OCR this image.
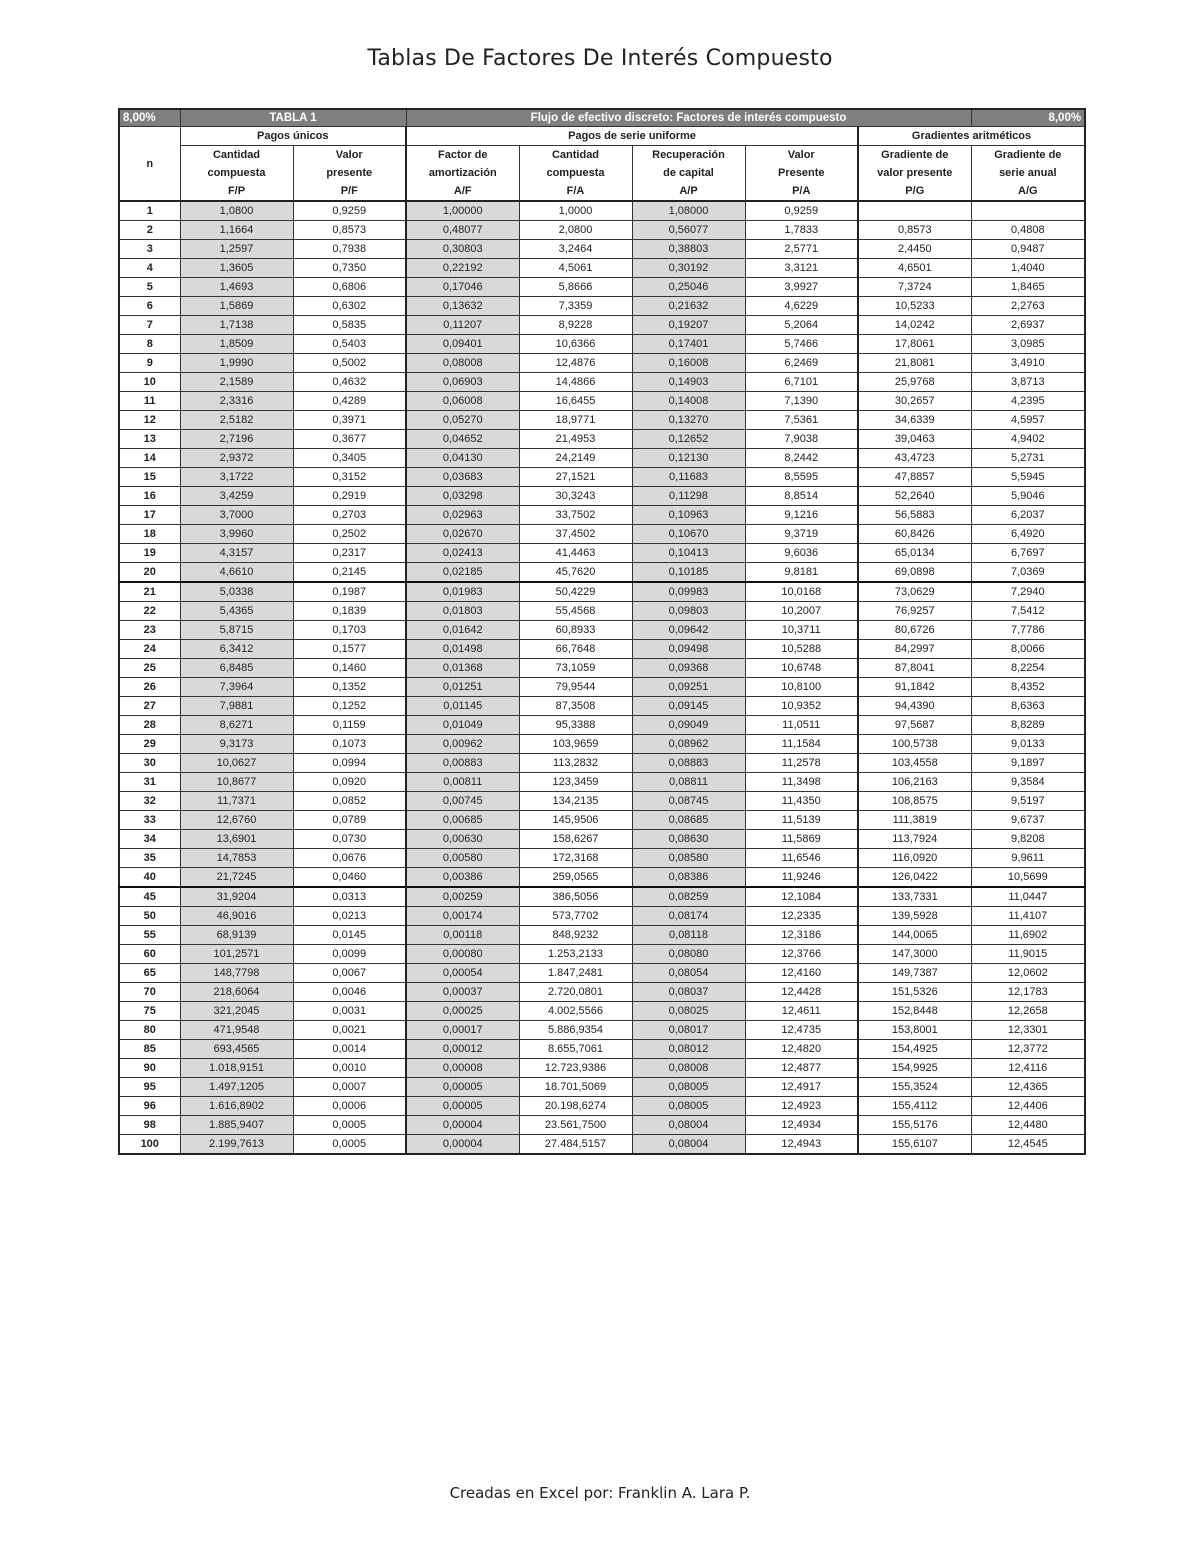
Tablas De Factores De Interés Compuesto
8,00%	TABLA 1		Flujo de efectivo discreto: Factores de interés compuesto					8,00%
n	Pagos únicos		Pagos de serie uniforme				Gradientes aritméticos	
	Cantidad	Valor	Factor de	Cantidad	Recuperación	Valor	Gradiente de	Gradiente de
	compuesta	presente	amortización	compuesta	de capital	Presente	valor presente	serie anual
	F/P	P/F	A/F	F/A	A/P	P/A	P/G	A/G
1	1,0800	0,9259	1,00000	1,0000	1,08000	0,9259		
2	1,1664	0,8573	0,48077	2,0800	0,56077	1,7833	0,8573	0,4808
3	1,2597	0,7938	0,30803	3,2464	0,38803	2,5771	2,4450	0,9487
4	1,3605	0,7350	0,22192	4,5061	0,30192	3,3121	4,6501	1,4040
5	1,4693	0,6806	0,17046	5,8666	0,25046	3,9927	7,3724	1,8465
6	1,5869	0,6302	0,13632	7,3359	0,21632	4,6229	10,5233	2,2763
7	1,7138	0,5835	0,11207	8,9228	0,19207	5,2064	14,0242	2,6937
8	1,8509	0,5403	0,09401	10,6366	0,17401	5,7466	17,8061	3,0985
9	1,9990	0,5002	0,08008	12,4876	0,16008	6,2469	21,8081	3,4910
10	2,1589	0,4632	0,06903	14,4866	0,14903	6,7101	25,9768	3,8713
11	2,3316	0,4289	0,06008	16,6455	0,14008	7,1390	30,2657	4,2395
12	2,5182	0,3971	0,05270	18,9771	0,13270	7,5361	34,6339	4,5957
13	2,7196	0,3677	0,04652	21,4953	0,12652	7,9038	39,0463	4,9402
14	2,9372	0,3405	0,04130	24,2149	0,12130	8,2442	43,4723	5,2731
15	3,1722	0,3152	0,03683	27,1521	0,11683	8,5595	47,8857	5,5945
16	3,4259	0,2919	0,03298	30,3243	0,11298	8,8514	52,2640	5,9046
17	3,7000	0,2703	0,02963	33,7502	0,10963	9,1216	56,5883	6,2037
18	3,9960	0,2502	0,02670	37,4502	0,10670	9,3719	60,8426	6,4920
19	4,3157	0,2317	0,02413	41,4463	0,10413	9,6036	65,0134	6,7697
20	4,6610	0,2145	0,02185	45,7620	0,10185	9,8181	69,0898	7,0369
21	5,0338	0,1987	0,01983	50,4229	0,09983	10,0168	73,0629	7,2940
22	5,4365	0,1839	0,01803	55,4568	0,09803	10,2007	76,9257	7,5412
23	5,8715	0,1703	0,01642	60,8933	0,09642	10,3711	80,6726	7,7786
24	6,3412	0,1577	0,01498	66,7648	0,09498	10,5288	84,2997	8,0066
25	6,8485	0,1460	0,01368	73,1059	0,09368	10,6748	87,8041	8,2254
26	7,3964	0,1352	0,01251	79,9544	0,09251	10,8100	91,1842	8,4352
27	7,9881	0,1252	0,01145	87,3508	0,09145	10,9352	94,4390	8,6363
28	8,6271	0,1159	0,01049	95,3388	0,09049	11,0511	97,5687	8,8289
29	9,3173	0,1073	0,00962	103,9659	0,08962	11,1584	100,5738	9,0133
30	10,0627	0,0994	0,00883	113,2832	0,08883	11,2578	103,4558	9,1897
31	10,8677	0,0920	0,00811	123,3459	0,08811	11,3498	106,2163	9,3584
32	11,7371	0,0852	0,00745	134,2135	0,08745	11,4350	108,8575	9,5197
33	12,6760	0,0789	0,00685	145,9506	0,08685	11,5139	111,3819	9,6737
34	13,6901	0,0730	0,00630	158,6267	0,08630	11,5869	113,7924	9,8208
35	14,7853	0,0676	0,00580	172,3168	0,08580	11,6546	116,0920	9,9611
40	21,7245	0,0460	0,00386	259,0565	0,08386	11,9246	126,0422	10,5699
45	31,9204	0,0313	0,00259	386,5056	0,08259	12,1084	133,7331	11,0447
50	46,9016	0,0213	0,00174	573,7702	0,08174	12,2335	139,5928	11,4107
55	68,9139	0,0145	0,00118	848,9232	0,08118	12,3186	144,0065	11,6902
60	101,2571	0,0099	0,00080	1.253,2133	0,08080	12,3766	147,3000	11,9015
65	148,7798	0,0067	0,00054	1.847,2481	0,08054	12,4160	149,7387	12,0602
70	218,6064	0,0046	0,00037	2.720,0801	0,08037	12,4428	151,5326	12,1783
75	321,2045	0,0031	0,00025	4.002,5566	0,08025	12,4611	152,8448	12,2658
80	471,9548	0,0021	0,00017	5.886,9354	0,08017	12,4735	153,8001	12,3301
85	693,4565	0,0014	0,00012	8.655,7061	0,08012	12,4820	154,4925	12,3772
90	1.018,9151	0,0010	0,00008	12.723,9386	0,08008	12,4877	154,9925	12,4116
95	1.497,1205	0,0007	0,00005	18.701,5069	0,08005	12,4917	155,3524	12,4365
96	1.616,8902	0,0006	0,00005	20.198,6274	0,08005	12,4923	155,4112	12,4406
98	1.885,9407	0,0005	0,00004	23.561,7500	0,08004	12,4934	155,5176	12,4480
100	2.199,7613	0,0005	0,00004	27.484,5157	0,08004	12,4943	155,6107	12,4545
Creadas en Excel por: Franklin A. Lara P.
